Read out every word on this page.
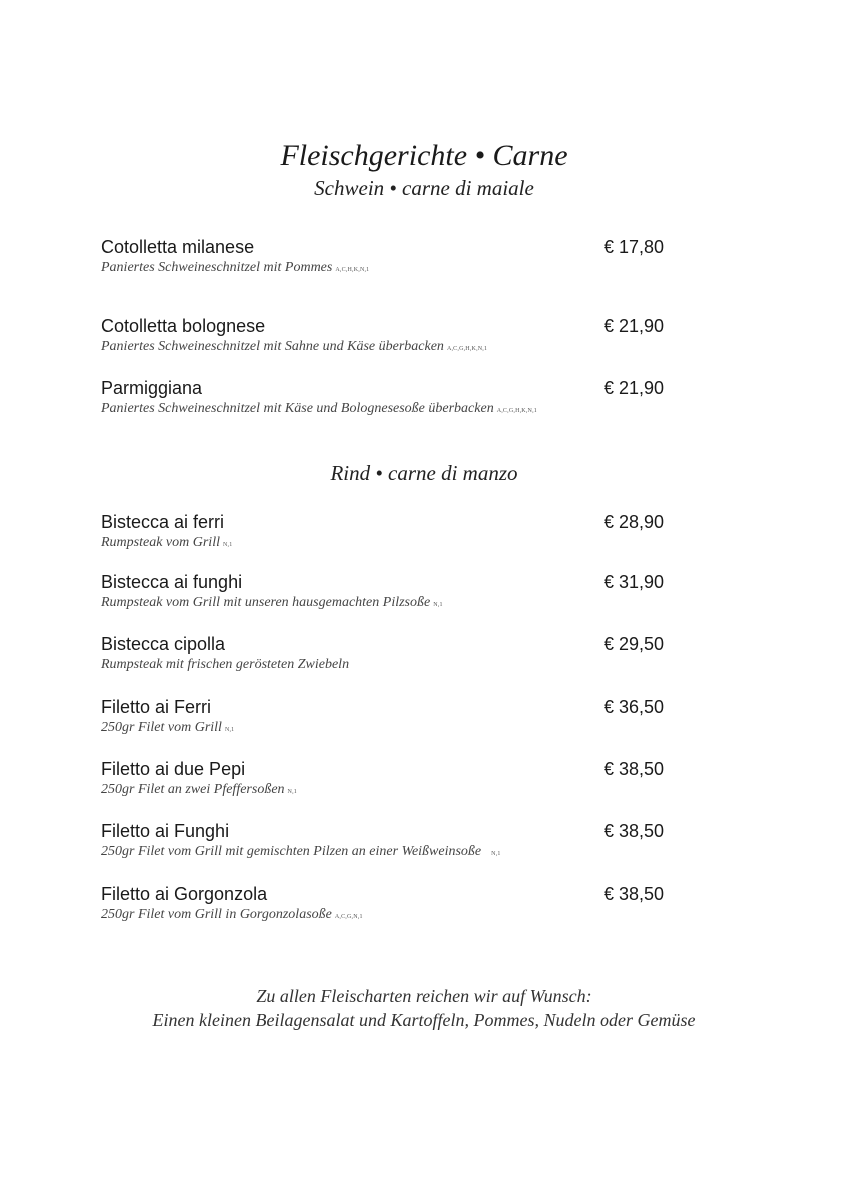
Fleischgerichte • Carne
Schwein • carne di maiale
Cotolletta milanese	€ 17,80
Paniertes Schweineschnitzel mit Pommes A,C,H,K,N,1
Cotolletta bolognese	€ 21,90
Paniertes Schweineschnitzel mit Sahne und Käse überbacken A,C,G,H,K,N,1
Parmiggiana	€ 21,90
Paniertes Schweineschnitzel mit Käse und Bolognesesoße überbacken A,C,G,H,K,N,1
Rind • carne di manzo
Bistecca ai ferri	€ 28,90
Rumpsteak vom Grill N,1
Bistecca ai funghi	€ 31,90
Rumpsteak vom Grill mit unseren hausgemachten Pilzsoße N,1
Bistecca cipolla	€ 29,50
Rumpsteak mit frischen gerösteten Zwiebeln
Filetto ai Ferri	€ 36,50
250gr Filet vom Grill N,1
Filetto ai due Pepi	€ 38,50
250gr Filet an zwei Pfeffersoßen N,1
Filetto ai Funghi	€ 38,50
250gr Filet vom Grill mit gemischten Pilzen an einer Weißweinsoße N,1
Filetto ai Gorgonzola	€ 38,50
250gr Filet vom Grill in Gorgonzolasoße A,C,G,N,1

Zu allen Fleischarten reichen wir auf Wunsch:

Einen kleinen Beilagensalat und Kartoffeln, Pommes, Nudeln oder Gemüse
